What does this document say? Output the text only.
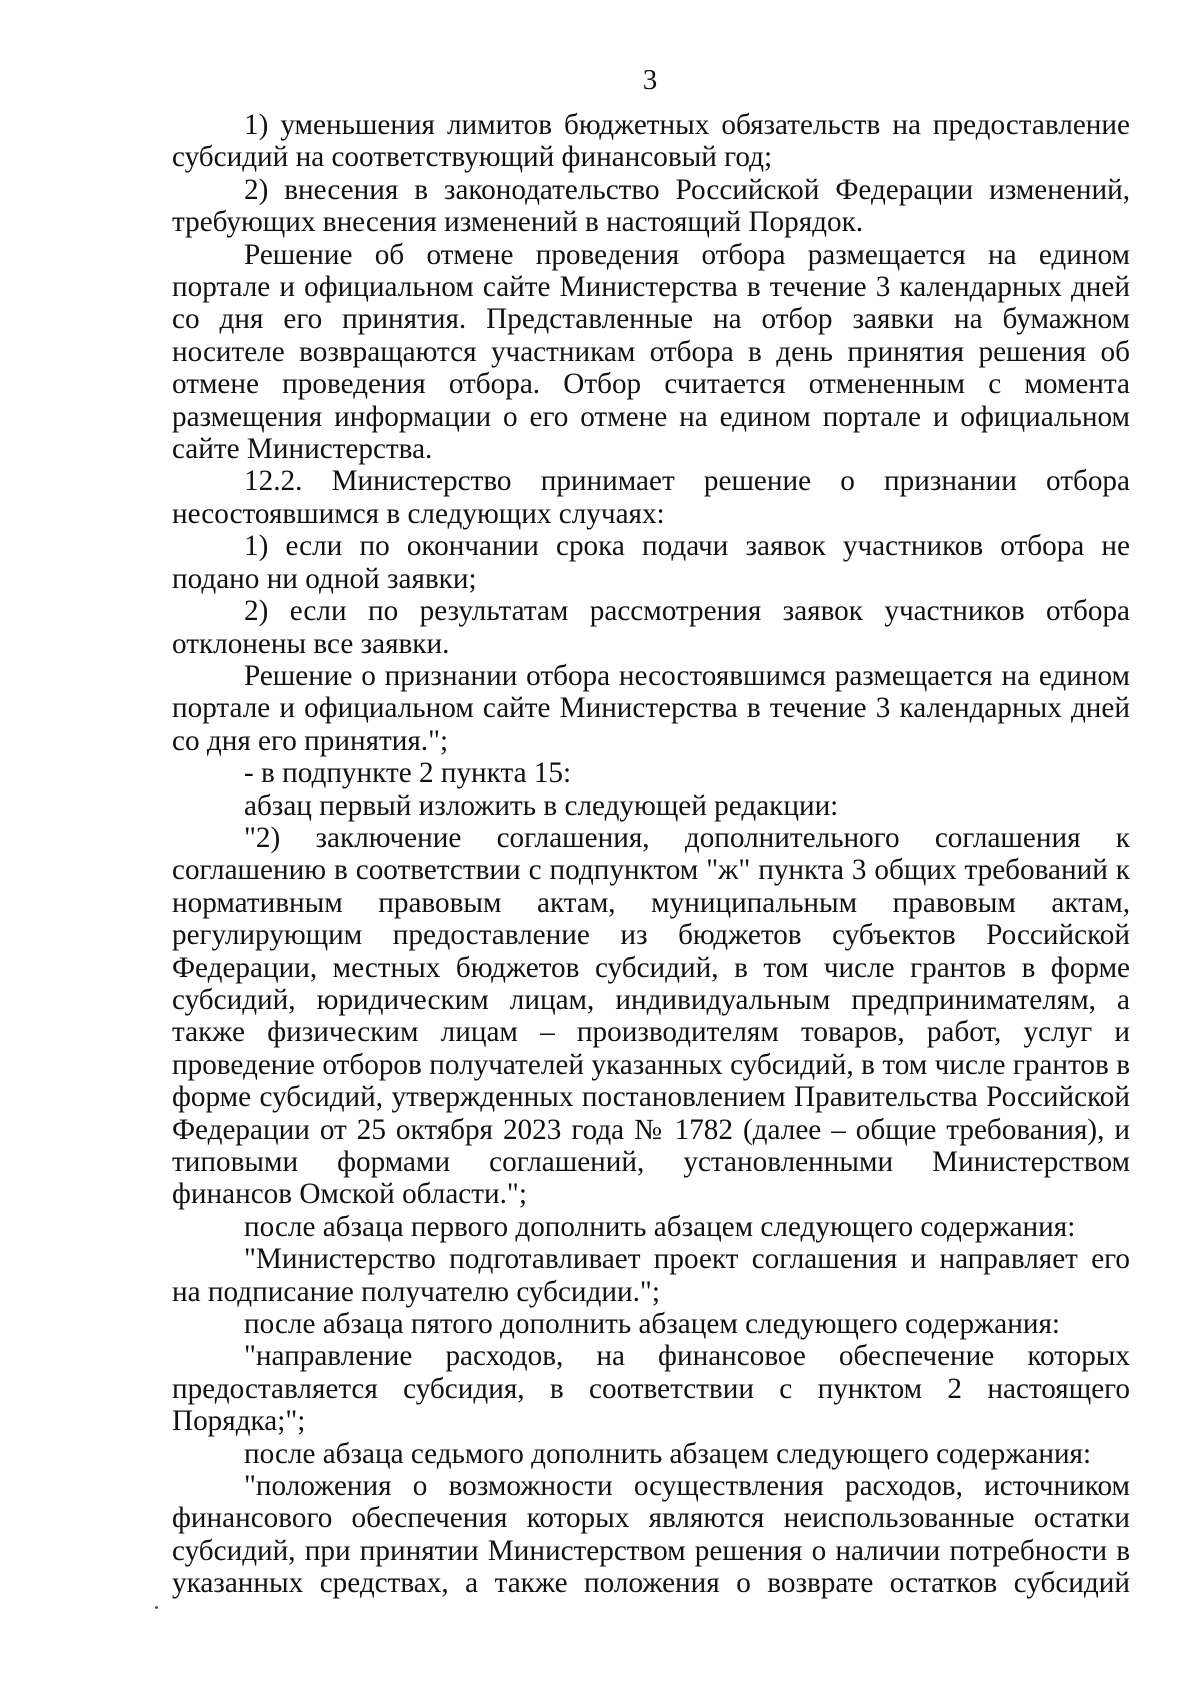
3

1) уменьшения лимитов бюджетных обязательств на предоставление субсидий на соответствующий финансовый год;

2) внесения в законодательство Российской Федерации изменений, требующих внесения изменений в настоящий Порядок.

Решение об отмене проведения отбора размещается на едином портале и официальном сайте Министерства в течение 3 календарных дней со дня его принятия. Представленные на отбор заявки на бумажном носителе возвращаются участникам отбора в день принятия решения об отмене проведения отбора. Отбор считается отмененным с момента размещения информации о его отмене на едином портале и официальном сайте Министерства.

12.2. Министерство принимает решение о признании отбора несостоявшимся в следующих случаях:

1) если по окончании срока подачи заявок участников отбора не подано ни одной заявки;

2) если по результатам рассмотрения заявок участников отбора отклонены все заявки.

Решение о признании отбора несостоявшимся размещается на едином портале и официальном сайте Министерства в течение 3 календарных дней со дня его принятия.";

- в подпункте 2 пункта 15:

абзац первый изложить в следующей редакции:

"2) заключение соглашения, дополнительного соглашения к соглашению в соответствии с подпунктом "ж" пункта 3 общих требований к нормативным правовым актам, муниципальным правовым актам, регулирующим предоставление из бюджетов субъектов Российской Федерации, местных бюджетов субсидий, в том числе грантов в форме субсидий, юридическим лицам, индивидуальным предпринимателям, а также физическим лицам – производителям товаров, работ, услуг и проведение отборов получателей указанных субсидий, в том числе грантов в форме субсидий, утвержденных постановлением Правительства Российской Федерации от 25 октября 2023 года № 1782 (далее – общие требования), и типовыми формами соглашений, установленными Министерством финансов Омской области.";

после абзаца первого дополнить абзацем следующего содержания:

"Министерство подготавливает проект соглашения и направляет его на подписание получателю субсидии.";

после абзаца пятого дополнить абзацем следующего содержания:

"направление расходов, на финансовое обеспечение которых предоставляется субсидия, в соответствии с пунктом 2 настоящего Порядка;";

после абзаца седьмого дополнить абзацем следующего содержания:

"положения о возможности осуществления расходов, источником финансового обеспечения которых являются неиспользованные остатки субсидий, при принятии Министерством решения о наличии потребности в указанных средствах, а также положения о возврате остатков субсидий
